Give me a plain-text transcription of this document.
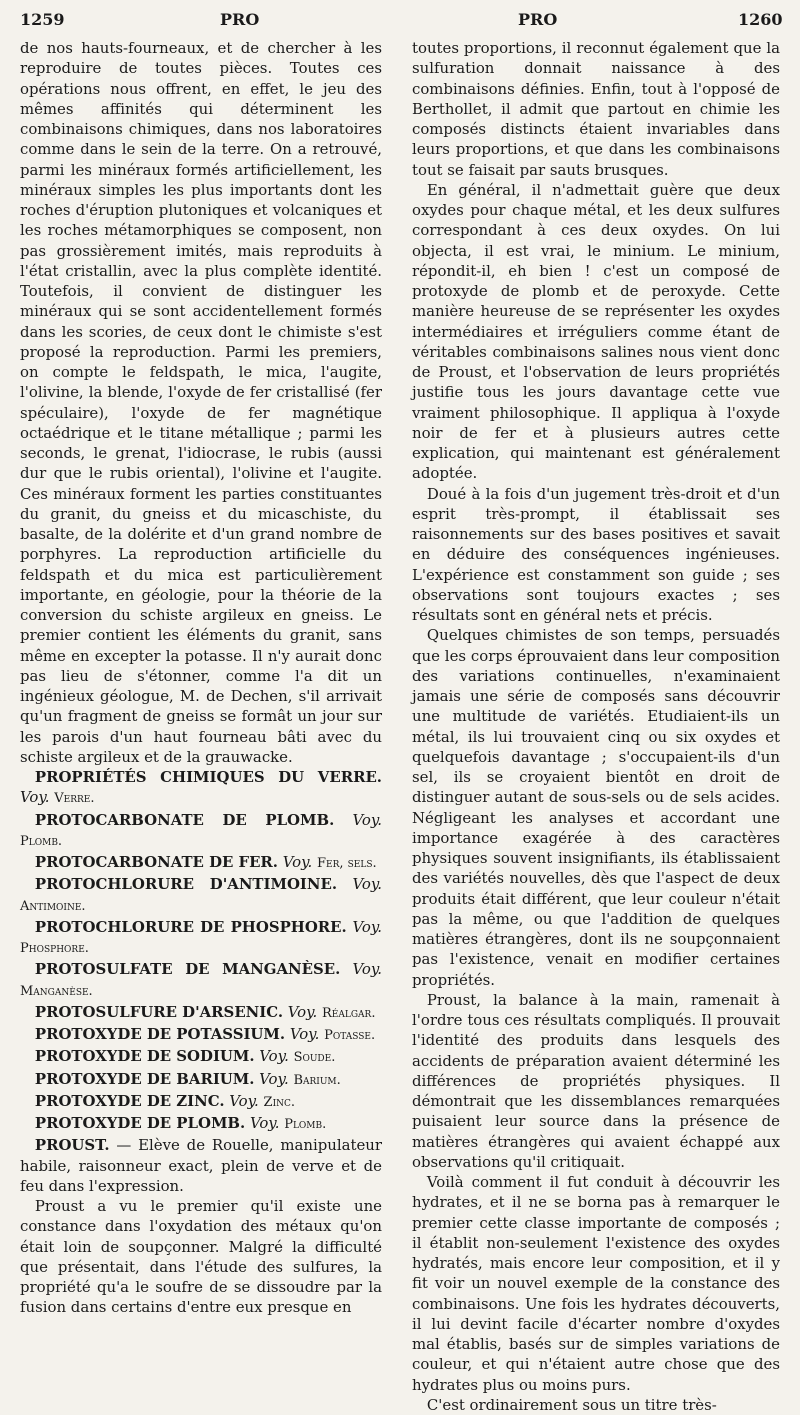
1259	PRO	PRO	1260

de nos hauts-fourneaux, et de chercher à les reproduire de toutes pièces. Toutes ces opérations nous offrent, en effet, le jeu des mêmes affinités qui déterminent les combinaisons chimiques, dans nos laboratoires comme dans le sein de la terre. On a retrouvé, parmi les minéraux formés artificiellement, les minéraux simples les plus importants dont les roches d'éruption plutoniques et volcaniques et les roches métamorphiques se composent, non pas grossièrement imités, mais reproduits à l'état cristallin, avec la plus complète identité. Toutefois, il convient de distinguer les minéraux qui se sont accidentellement formés dans les scories, de ceux dont le chimiste s'est proposé la reproduction. Parmi les premiers, on compte le feldspath, le mica, l'augite, l'olivine, la blende, l'oxyde de fer cristallisé (fer spéculaire), l'oxyde de fer magnétique octaédrique et le titane métallique ; parmi les seconds, le grenat, l'idiocrase, le rubis (aussi dur que le rubis oriental), l'olivine et l'augite. Ces minéraux forment les parties constituantes du granit, du gneiss et du micaschiste, du basalte, de la dolérite et d'un grand nombre de porphyres. La reproduction artificielle du feldspath et du mica est particulièrement importante, en géologie, pour la théorie de la conversion du schiste argileux en gneiss. Le premier contient les éléments du granit, sans même en excepter la potasse. Il n'y aurait donc pas lieu de s'étonner, comme l'a dit un ingénieux géologue, M. de Dechen, s'il arrivait qu'un fragment de gneiss se formât un jour sur les parois d'un haut fourneau bâti avec du schiste argileux et de la grauwacke.

PROPRIÉTÉS CHIMIQUES DU VERRE. Voy. Verre.

PROTOCARBONATE DE PLOMB. Voy. Plomb.

PROTOCARBONATE DE FER. Voy. Fer, sels.

PROTOCHLORURE D'ANTIMOINE. Voy. Antimoine.

PROTOCHLORURE DE PHOSPHORE. Voy. Phosphore.

PROTOSULFATE DE MANGANÈSE. Voy. Manganèse.

PROTOSULFURE D'ARSENIC. Voy. Réalgar.

PROTOXYDE DE POTASSIUM. Voy. Potasse.

PROTOXYDE DE SODIUM. Voy. Soude.

PROTOXYDE DE BARIUM. Voy. Barium.

PROTOXYDE DE ZINC. Voy. Zinc.

PROTOXYDE DE PLOMB. Voy. Plomb.

PROUST. — Elève de Rouelle, manipulateur habile, raisonneur exact, plein de verve et de feu dans l'expression.

Proust a vu le premier qu'il existe une constance dans l'oxydation des métaux qu'on était loin de soupçonner. Malgré la difficulté que présentait, dans l'étude des sulfures, la propriété qu'a le soufre de se dissoudre par la fusion dans certains d'entre eux presque en

toutes proportions, il reconnut également que la sulfuration donnait naissance à des combinaisons définies. Enfin, tout à l'opposé de Berthollet, il admit que partout en chimie les composés distincts étaient invariables dans leurs proportions, et que dans les combinaisons tout se faisait par sauts brusques.

En général, il n'admettait guère que deux oxydes pour chaque métal, et les deux sulfures correspondant à ces deux oxydes. On lui objecta, il est vrai, le minium. Le minium, répondit-il, eh bien ! c'est un composé de protoxyde de plomb et de peroxyde. Cette manière heureuse de se représenter les oxydes intermédiaires et irréguliers comme étant de véritables combinaisons salines nous vient donc de Proust, et l'observation de leurs propriétés justifie tous les jours davantage cette vue vraiment philosophique. Il appliqua à l'oxyde noir de fer et à plusieurs autres cette explication, qui maintenant est généralement adoptée.

Doué à la fois d'un jugement très-droit et d'un esprit très-prompt, il établissait ses raisonnements sur des bases positives et savait en déduire des conséquences ingénieuses. L'expérience est constamment son guide ; ses observations sont toujours exactes ; ses résultats sont en général nets et précis.

Quelques chimistes de son temps, persuadés que les corps éprouvaient dans leur composition des variations continuelles, n'examinaient jamais une série de composés sans découvrir une multitude de variétés. Etudiaient-ils un métal, ils lui trouvaient cinq ou six oxydes et quelquefois davantage ; s'occupaient-ils d'un sel, ils se croyaient bientôt en droit de distinguer autant de sous-sels ou de sels acides. Négligeant les analyses et accordant une importance exagérée à des caractères physiques souvent insignifiants, ils établissaient des variétés nouvelles, dès que l'aspect de deux produits était différent, que leur couleur n'était pas la même, ou que l'addition de quelques matières étrangères, dont ils ne soupçonnaient pas l'existence, venait en modifier certaines propriétés.

Proust, la balance à la main, ramenait à l'ordre tous ces résultats compliqués. Il prouvait l'identité des produits dans lesquels des accidents de préparation avaient déterminé les différences de propriétés physiques. Il démontrait que les dissemblances remarquées puisaient leur source dans la présence de matières étrangères qui avaient échappé aux observations qu'il critiquait.

Voilà comment il fut conduit à découvrir les hydrates, et il ne se borna pas à remarquer le premier cette classe importante de composés ; il établit non-seulement l'existence des oxydes hydratés, mais encore leur composition, et il y fit voir un nouvel exemple de la constance des combinaisons. Une fois les hydrates découverts, il lui devint facile d'écarter nombre d'oxydes mal établis, basés sur de simples variations de couleur, et qui n'étaient autre chose que des hydrates plus ou moins purs.

C'est ordinairement sous un titre très-
